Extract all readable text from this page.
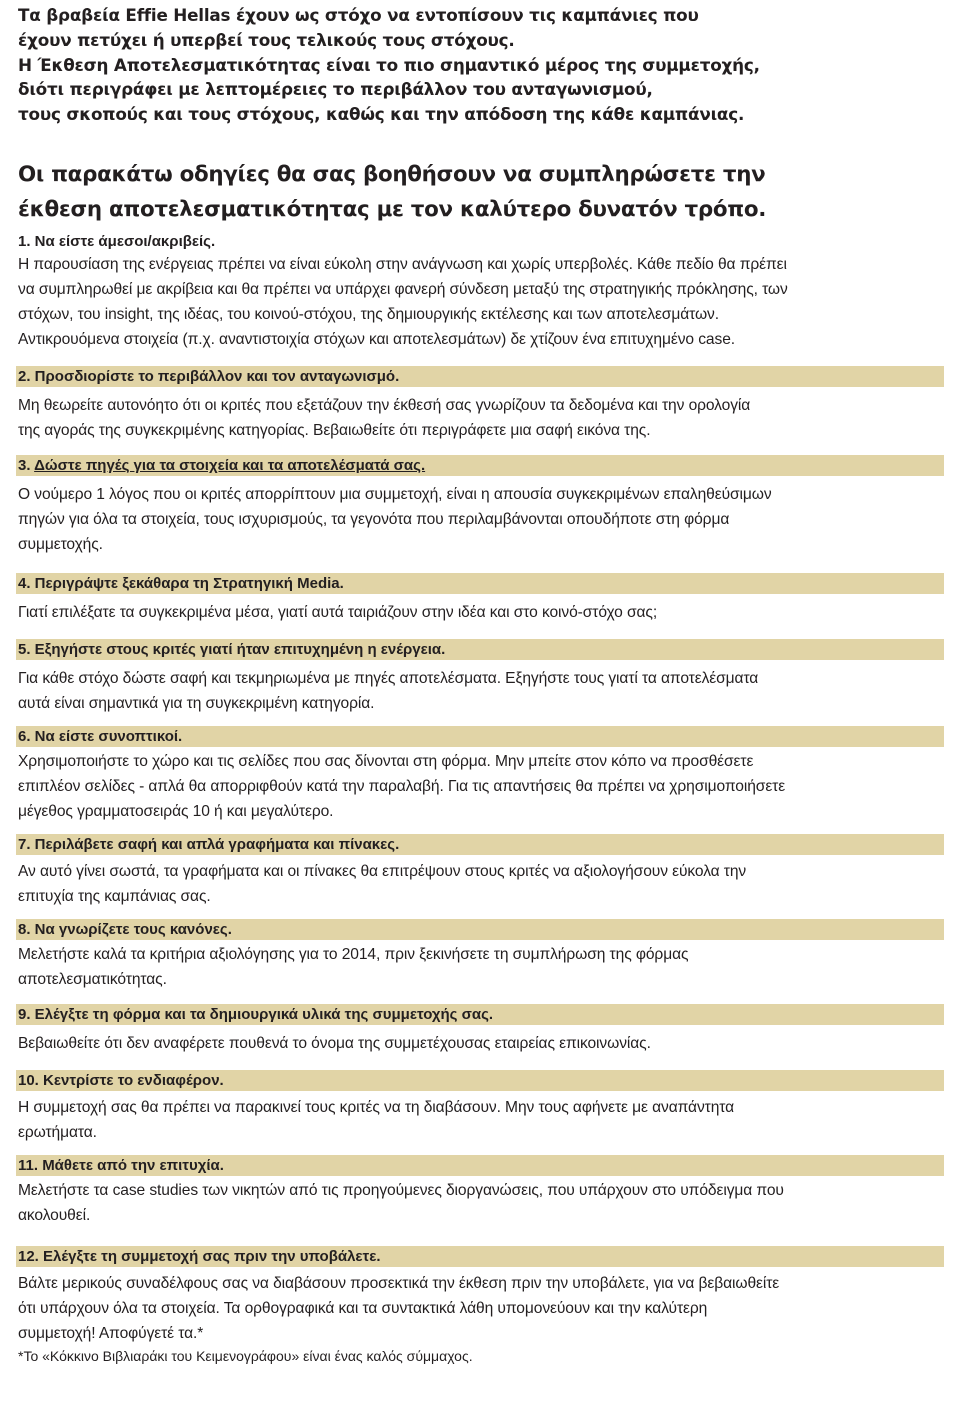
Τα βραβεία Effie Hellas έχουν ως στόχο να εντοπίσουν τις καμπάνιες που

έχουν πετύχει ή υπερβεί τους τελικούς τους στόχους.

Η Έκθεση Αποτελεσματικότητας είναι το πιο σημαντικό μέρος της συμμετοχής,

διότι περιγράφει με λεπτομέρειες το περιβάλλον του ανταγωνισμού,

τους σκοπούς και τους στόχους, καθώς και την απόδοση της κάθε καμπάνιας.

Οι παρακάτω οδηγίες θα σας βοηθήσουν να συμπληρώσετε την
έκθεση αποτελεσματικότητας με τον καλύτερο δυνατόν τρόπο.
1. Να είστε άμεσοι/ακριβείς.
Η παρουσίαση της ενέργειας πρέπει να είναι εύκολη στην ανάγνωση και χωρίς υπερβολές. Κάθε πεδίο θα πρέπει
να συμπληρωθεί με ακρίβεια και θα πρέπει να υπάρχει φανερή σύνδεση μεταξύ της στρατηγικής πρόκλησης, των
στόχων, του insight, της ιδέας, του κοινού-στόχου, της δημιουργικής εκτέλεσης και των αποτελεσμάτων.
Αντικρουόμενα στοιχεία (π.χ. αναντιστοιχία στόχων και αποτελεσμάτων) δε χτίζουν ένα επιτυχημένο case.
2. Προσδιορίστε το περιβάλλον και τον ανταγωνισμό.
Μη θεωρείτε αυτονόητο ότι οι κριτές που εξετάζουν την έκθεσή σας γνωρίζουν τα δεδομένα και την ορολογία
της αγοράς της συγκεκριμένης κατηγορίας. Βεβαιωθείτε ότι περιγράφετε μια σαφή εικόνα της.
3. Δώστε πηγές για τα στοιχεία και τα αποτελέσματά σας.
Ο νούμερο 1 λόγος που οι κριτές απορρίπτουν μια συμμετοχή, είναι η απουσία συγκεκριμένων επαληθεύσιμων
πηγών για όλα τα στοιχεία, τους ισχυρισμούς, τα γεγονότα που περιλαμβάνονται οπουδήποτε στη φόρμα
συμμετοχής.
4. Περιγράψτε ξεκάθαρα τη Στρατηγική Media.
Γιατί επιλέξατε τα συγκεκριμένα μέσα, γιατί αυτά ταιριάζουν στην ιδέα και στο κοινό-στόχο σας;
5. Εξηγήστε στους κριτές γιατί ήταν επιτυχημένη η ενέργεια.
Για κάθε στόχο δώστε σαφή και τεκμηριωμένα με πηγές αποτελέσματα. Εξηγήστε τους γιατί τα αποτελέσματα
αυτά είναι σημαντικά για τη συγκεκριμένη κατηγορία.
6. Να είστε συνοπτικοί.
Χρησιμοποιήστε το χώρο και τις σελίδες που σας δίνονται στη φόρμα. Μην μπείτε στον κόπο να προσθέσετε
επιπλέον σελίδες - απλά θα απορριφθούν κατά την παραλαβή. Για τις απαντήσεις θα πρέπει να χρησιμοποιήσετε
μέγεθος γραμματοσειράς 10 ή και μεγαλύτερο.
7. Περιλάβετε σαφή και απλά γραφήματα και πίνακες.
Αν αυτό γίνει σωστά, τα γραφήματα και οι πίνακες θα επιτρέψουν στους κριτές να αξιολογήσουν εύκολα την
επιτυχία της καμπάνιας σας.
8. Να γνωρίζετε τους κανόνες.
Μελετήστε καλά τα κριτήρια αξιολόγησης για το 2014, πριν ξεκινήσετε τη συμπλήρωση της φόρμας
αποτελεσματικότητας.
9. Ελέγξτε τη φόρμα και τα δημιουργικά υλικά της συμμετοχής σας.
Βεβαιωθείτε ότι δεν αναφέρετε πουθενά το όνομα της συμμετέχουσας εταιρείας επικοινωνίας.
10. Κεντρίστε το ενδιαφέρον.
Η συμμετοχή σας θα πρέπει να παρακινεί τους κριτές να τη διαβάσουν. Μην τους αφήνετε με αναπάντητα
ερωτήματα.
11. Μάθετε από την επιτυχία.
Μελετήστε τα case studies των νικητών από τις προηγούμενες διοργανώσεις, που υπάρχουν στο υπόδειγμα που
ακολουθεί.
12. Ελέγξτε τη συμμετοχή σας πριν την υποβάλετε.
Βάλτε μερικούς συναδέλφους σας να διαβάσουν προσεκτικά την έκθεση πριν την υποβάλετε, για να βεβαιωθείτε
ότι υπάρχουν όλα τα στοιχεία. Τα ορθογραφικά και τα συντακτικά λάθη υπομονεύουν και την καλύτερη
συμμετοχή! Αποφύγετέ τα.*

*Το «Κόκκινο Βιβλιαράκι του Κειμενογράφου» είναι ένας καλός σύμμαχος.
